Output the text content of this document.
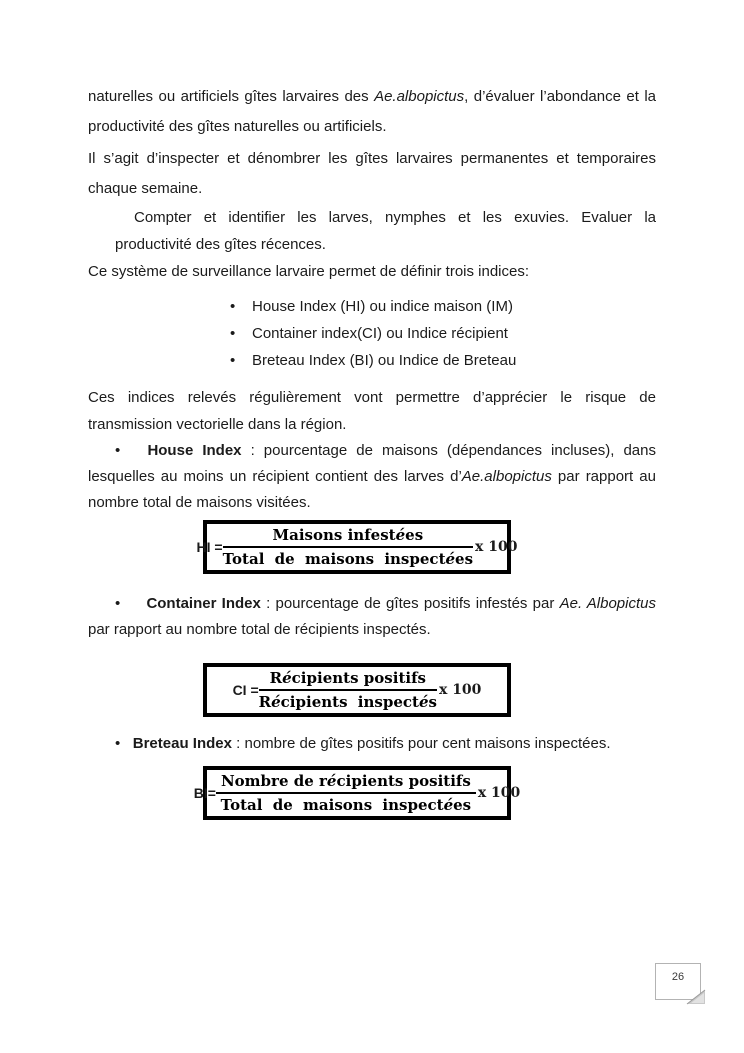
naturelles ou artificiels gîtes larvaires des Ae.albopictus, d’évaluer l’abondance et la productivité des gîtes naturelles ou artificiels.

Il s’agit d’inspecter et dénombrer les gîtes larvaires permanentes et temporaires chaque semaine.

Compter et identifier les larves, nymphes et les exuvies. Evaluer la
productivité des gîtes récences.

Ce système de surveillance larvaire permet de définir trois indices:

•	House Index (HI) ou indice maison (IM)
•	Container index(CI) ou Indice récipient
•	Breteau Index (BI) ou Indice de Breteau

Ces indices relevés régulièrement vont permettre d’apprécier le risque de transmission vectorielle dans la région.

•   House Index : pourcentage de maisons (dépendances incluses), dans lesquelles au moins un récipient contient des larves d’Ae.albopictus par rapport au nombre total de maisons visitées.

HI = $\frac{\text{Maisons infestées}}{\text{Total de maisons inspectées}}$ x 100

•     Container Index : pourcentage de gîtes positifs infestés par Ae. Albopictus par rapport au nombre total de récipients inspectés.

CI = $\frac{\text{Récipients positifs}}{\text{Récipients inspectés}}$ x 100

•   Breteau Index : nombre de gîtes positifs pour cent maisons inspectées.

$BI= \frac{\text{Nombre de récipients positifs}}{\text{Total de maisons inspectées}}$ x 100
26
